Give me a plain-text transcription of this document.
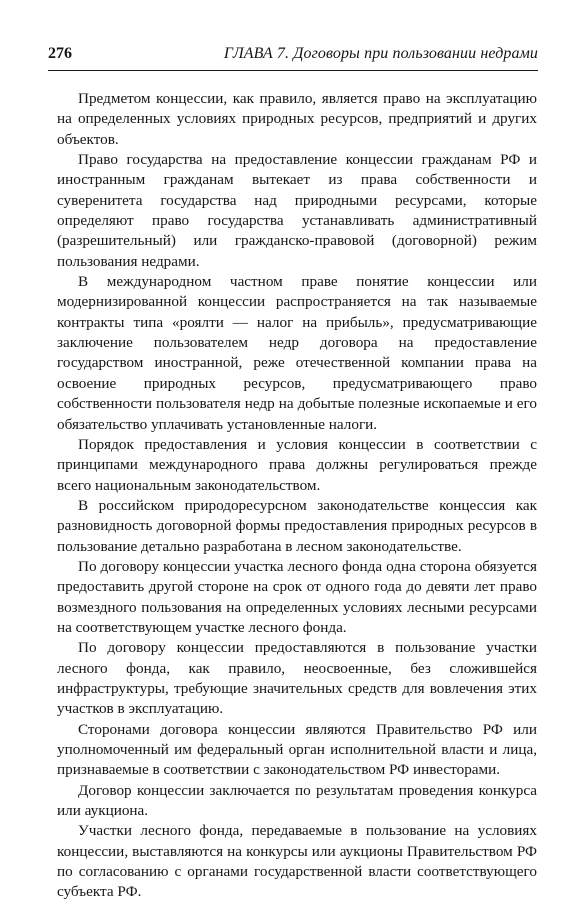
276	ГЛАВА 7. Договоры при пользовании недрами

Предметом концессии, как правило, является право на эксплуатацию на определенных условиях природных ресурсов, предприятий и других объектов.

Право государства на предоставление концессии гражданам РФ и иностранным гражданам вытекает из права собственности и суверенитета государства над природными ресурсами, которые определяют право государства устанавливать административный (разрешительный) или гражданско-правовой (договорной) режим пользования недрами.

В международном частном праве понятие концессии или модернизированной концессии распространяется на так называемые контракты типа «роялти — налог на прибыль», предусматривающие заключение пользователем недр договора на предоставление государством иностранной, реже отечественной компании права на освоение природных ресурсов, предусматривающего право собственности пользователя недр на добытые полезные ископаемые и его обязательство уплачивать установленные налоги.

Порядок предоставления и условия концессии в соответствии с принципами международного права должны регулироваться прежде всего национальным законодательством.

В российском природоресурсном законодательстве концессия как разновидность договорной формы предоставления природных ресурсов в пользование детально разработана в лесном законодательстве.

По договору концессии участка лесного фонда одна сторона обязуется предоставить другой стороне на срок от одного года до девяти лет право возмездного пользования на определенных условиях лесными ресурсами на соответствующем участке лесного фонда.

По договору концессии предоставляются в пользование участки лесного фонда, как правило, неосвоенные, без сложившейся инфраструктуры, требующие значительных средств для вовлечения этих участков в эксплуатацию.

Сторонами договора концессии являются Правительство РФ или уполномоченный им федеральный орган исполнительной власти и лица, признаваемые в соответствии с законодательством РФ инвесторами.

Договор концессии заключается по результатам проведения конкурса или аукциона.

Участки лесного фонда, передаваемые в пользование на условиях концессии, выставляются на конкурсы или аукционы Правительством РФ по согласованию с органами государственной власти соответствующего субъекта РФ.
